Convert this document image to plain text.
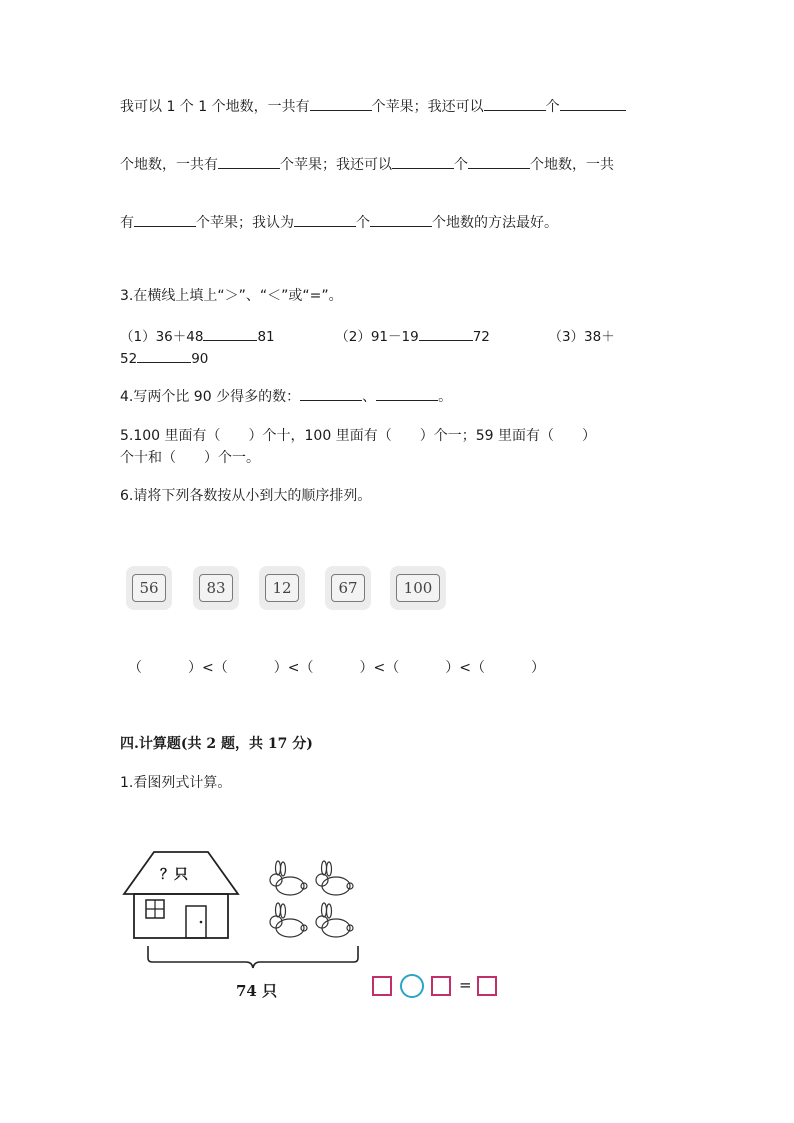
我可以 1 个 1 个地数，一共有	个苹果；我还可以	个
个地数，一共有	个苹果；我还可以	个	个地数，一共
有	个苹果；我认为	个	个地数的方法最好。
3.在横线上填上“＞”、“＜”或“=”。
（1）36＋48	81	（2）91－19	72	（3）38＋
52	90
4.写两个比 90 少得多的数：	、	。
5.100 里面有（　　）个十，100 里面有（　　）个一；59 里面有（　　）
个十和（　　）个一。
6.请将下列各数按从小到大的顺序排列。
56	83	12	67	100
（	）<（	）<（	）<（	）<（	）
四.计算题(共 2 题，共 17 分)
1.看图列式计算。
？只
74 只	=
